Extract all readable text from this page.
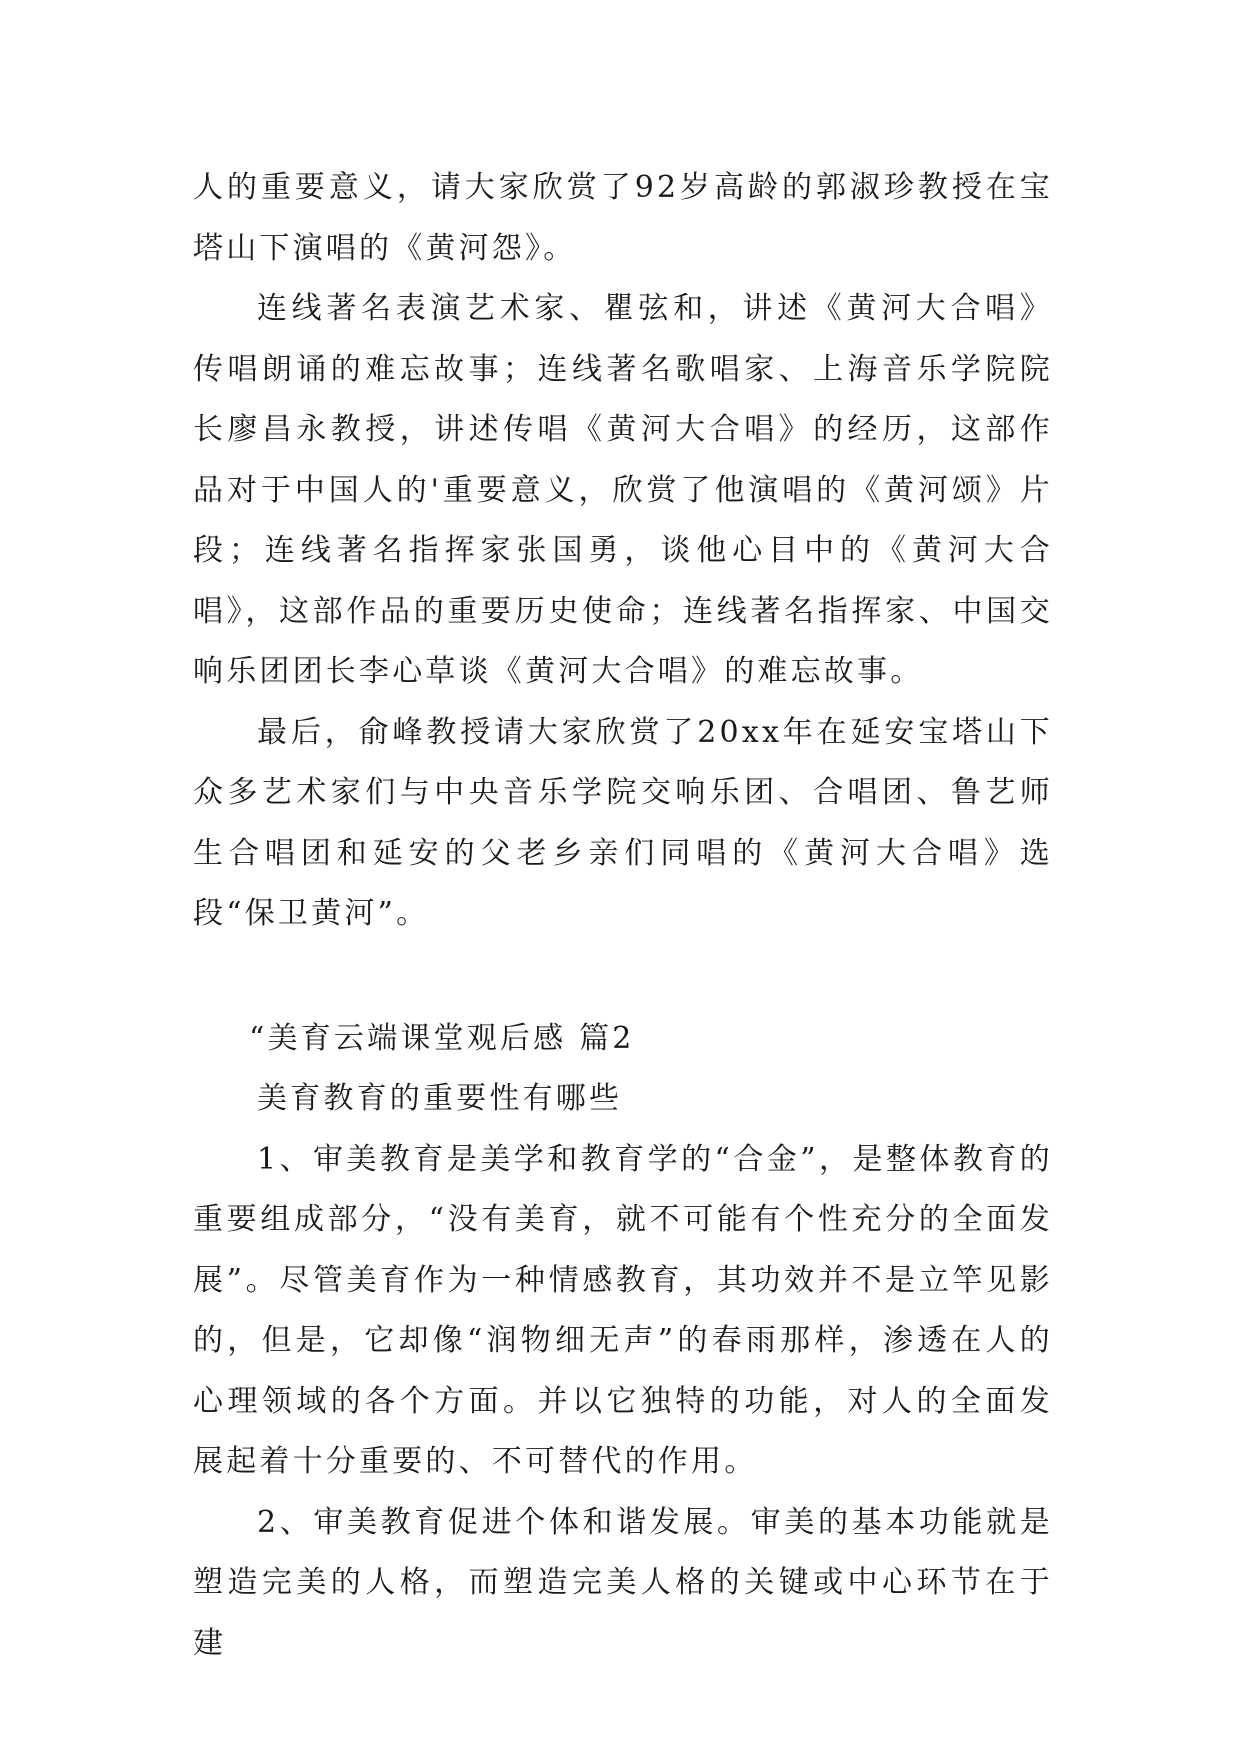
人的重要意义，请大家欣赏了92岁高龄的郭淑珍教授在宝塔山下演唱的《黄河怨》。

连线著名表演艺术家、瞿弦和，讲述《黄河大合唱》传唱朗诵的难忘故事；连线著名歌唱家、上海音乐学院院长廖昌永教授，讲述传唱《黄河大合唱》的经历，这部作品对于中国人的'重要意义，欣赏了他演唱的《黄河颂》片段；连线著名指挥家张国勇，谈他心目中的《黄河大合唱》，这部作品的重要历史使命；连线著名指挥家、中国交响乐团团长李心草谈《黄河大合唱》的难忘故事。

最后，俞峰教授请大家欣赏了20xx年在延安宝塔山下众多艺术家们与中央音乐学院交响乐团、合唱团、鲁艺师生合唱团和延安的父老乡亲们同唱的《黄河大合唱》选段“保卫黄河”。

“美育云端课堂观后感 篇2

美育教育的重要性有哪些

1、审美教育是美学和教育学的“合金”，是整体教育的重要组成部分，“没有美育，就不可能有个性充分的全面发展”。尽管美育作为一种情感教育，其功效并不是立竿见影的，但是，它却像“润物细无声”的春雨那样，渗透在人的心理领域的各个方面。并以它独特的功能，对人的全面发展起着十分重要的、不可替代的作用。

2、审美教育促进个体和谐发展。审美的基本功能就是塑造完美的人格，而塑造完美人格的关键或中心环节在于建
